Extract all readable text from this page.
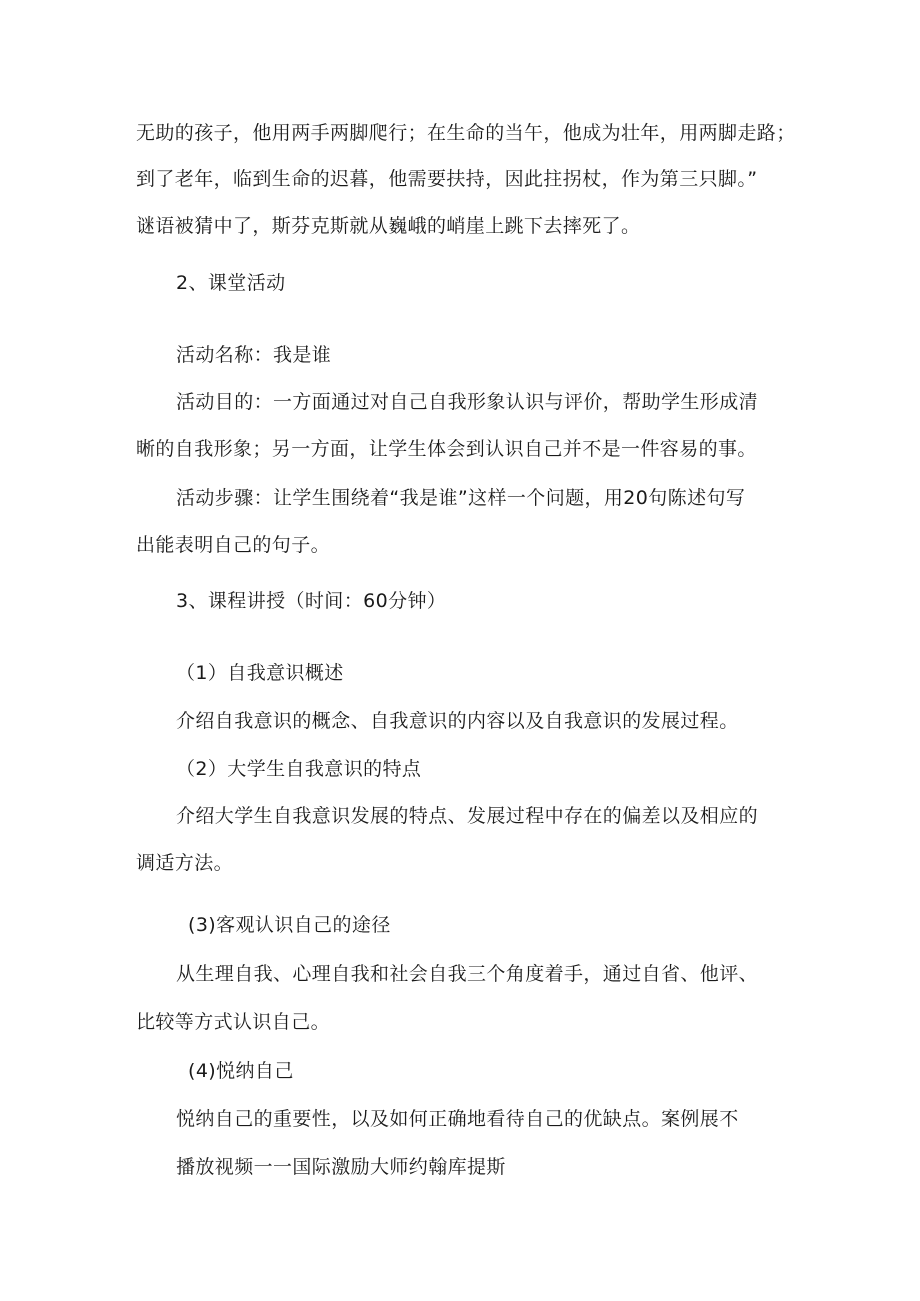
无助的孩子，他用两手两脚爬行；在生命的当午，他成为壮年，用两脚走路；
到了老年，临到生命的迟暮，他需要扶持，因此拄拐杖，作为第三只脚。”
谜语被猜中了，斯芬克斯就从巍峨的峭崖上跳下去摔死了。
2、课堂活动
活动名称：我是谁
活动目的：一方面通过对自己自我形象认识与评价，帮助学生形成清
晰的自我形象；另一方面，让学生体会到认识自己并不是一件容易的事。
活动步骤：让学生围绕着“我是谁”这样一个问题，用20句陈述句写
出能表明自己的句子。
3、课程讲授（时间：60分钟）
（1）自我意识概述
介绍自我意识的概念、自我意识的内容以及自我意识的发展过程。
（2）大学生自我意识的特点
介绍大学生自我意识发展的特点、发展过程中存在的偏差以及相应的
调适方法。
(3)客观认识自己的途径
从生理自我、心理自我和社会自我三个角度着手，通过自省、他评、
比较等方式认识自己。
(4)悦纳自己
悦纳自己的重要性，以及如何正确地看待自己的优缺点。案例展不
播放视频一一国际激励大师约翰库提斯
